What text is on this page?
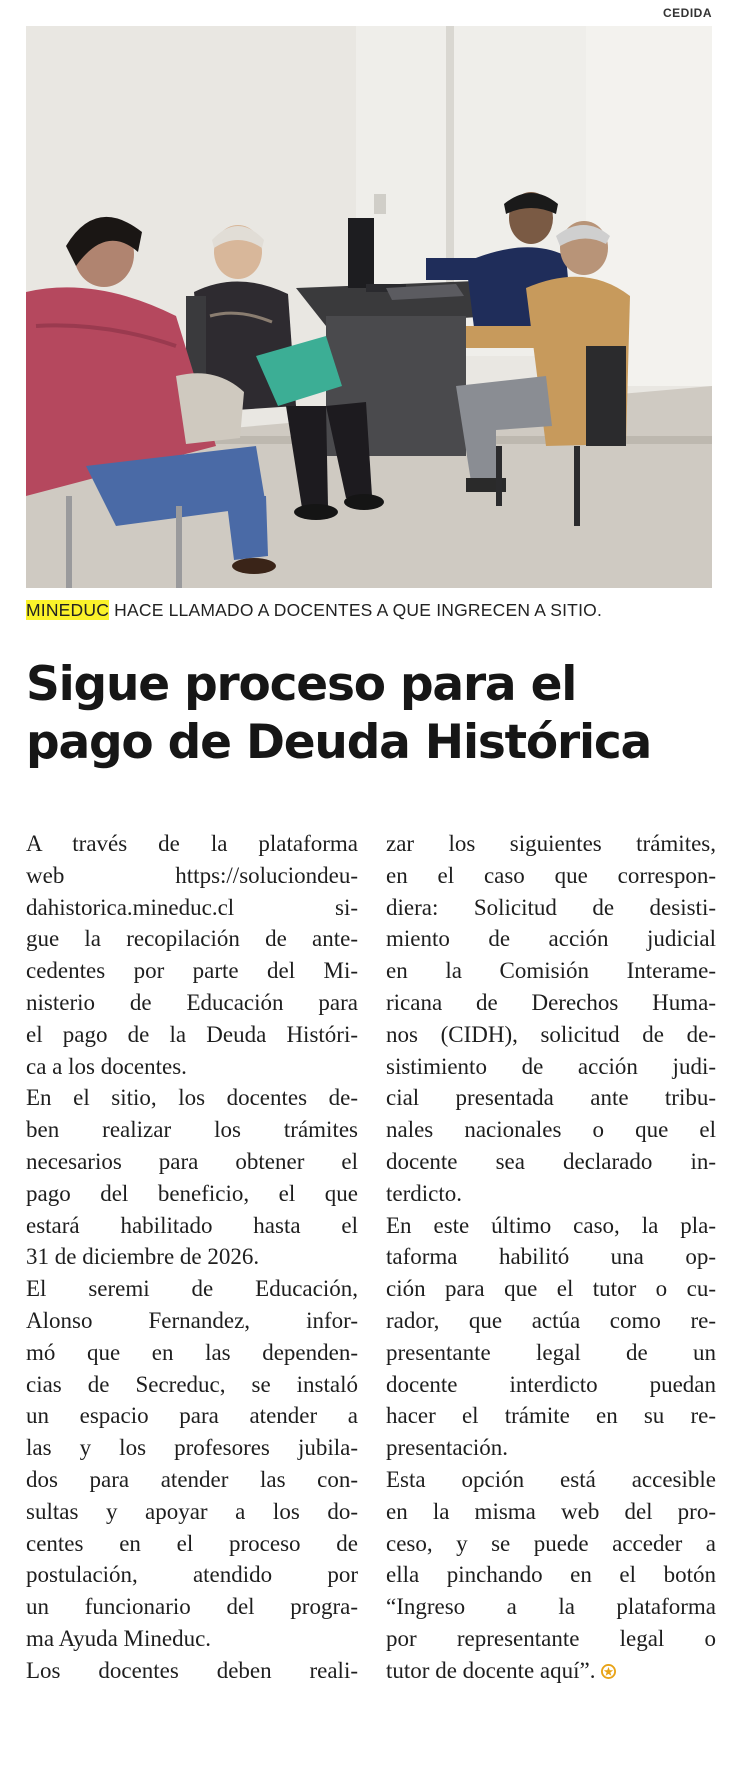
CEDIDA
MINEDUC HACE LLAMADO A DOCENTES A QUE INGRECEN A SITIO.
Sigue proceso para el
pago de Deuda Histórica
A través de la plataforma
web https://soluciondeu-
dahistorica.mineduc.cl si-
gue la recopilación de ante-
cedentes por parte del Mi-
nisterio de Educación para
el pago de la Deuda Históri-
ca a los docentes.
En el sitio, los docentes de-
ben realizar los trámites
necesarios para obtener el
pago del beneficio, el que
estará habilitado hasta el
31 de diciembre de 2026.
El seremi de Educación,
Alonso Fernandez, infor-
mó que en las dependen-
cias de Secreduc, se instaló
un espacio para atender a
las y los profesores jubila-
dos para atender las con-
sultas y apoyar a los do-
centes en el proceso de
postulación, atendido por
un funcionario del progra-
ma Ayuda Mineduc.
Los docentes deben reali-
zar los siguientes trámites,
en el caso que correspon-
diera: Solicitud de desisti-
miento de acción judicial
en la Comisión Interame-
ricana de Derechos Huma-
nos (CIDH), solicitud de de-
sistimiento de acción judi-
cial presentada ante tribu-
nales nacionales o que el
docente sea declarado in-
terdicto.
En este último caso, la pla-
taforma habilitó una op-
ción para que el tutor o cu-
rador, que actúa como re-
presentante legal de un
docente interdicto puedan
hacer el trámite en su re-
presentación.
Esta opción está accesible
en la misma web del pro-
ceso, y se puede acceder a
ella pinchando en el botón
“Ingreso a la plataforma
por representante legal o
tutor de docente aquí”.
